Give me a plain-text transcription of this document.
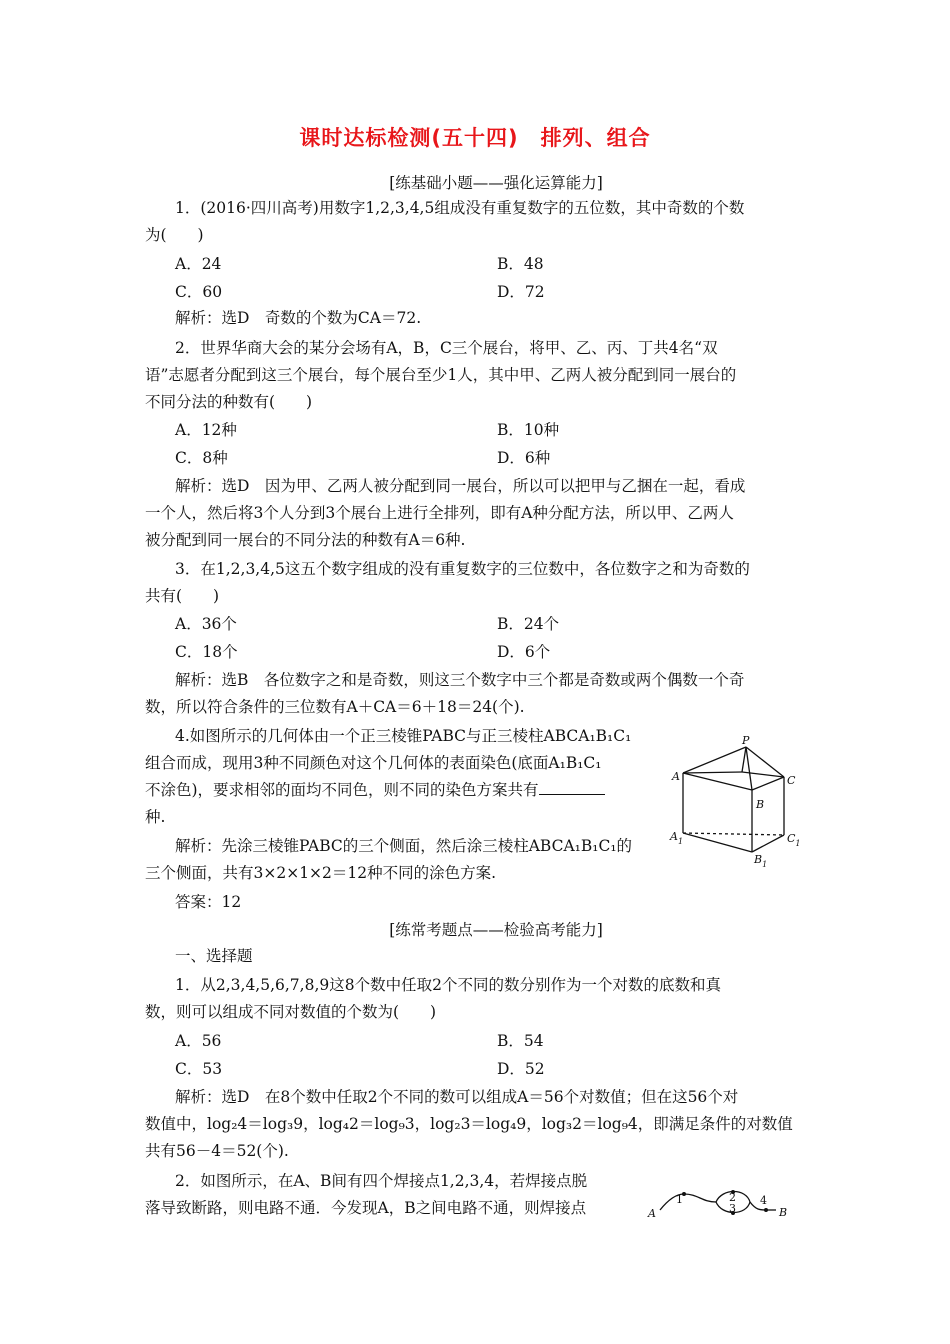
课时达标检测(五十四)　排列、组合
[练基础小题——强化运算能力]
1．(2016·四川高考)用数字1,2,3,4,5组成没有重复数字的五位数，其中奇数的个数
为(　　)
A．24	B．48
C．60	D．72
解析：选D　奇数的个数为CA＝72.
2．世界华商大会的某分会场有A，B，C三个展台，将甲、乙、丙、丁共4名“双
语”志愿者分配到这三个展台，每个展台至少1人，其中甲、乙两人被分配到同一展台的
不同分法的种数有(　　)
A．12种	B．10种
C．8种	D．6种
解析：选D　因为甲、乙两人被分配到同一展台，所以可以把甲与乙捆在一起，看成
一个人，然后将3个人分到3个展台上进行全排列，即有A种分配方法，所以甲、乙两人
被分配到同一展台的不同分法的种数有A＝6种.
3．在1,2,3,4,5这五个数字组成的没有重复数字的三位数中，各位数字之和为奇数的
共有(　　)
A．36个	B．24个
C．18个	D．6个
解析：选B　各位数字之和是奇数，则这三个数字中三个都是奇数或两个偶数一个奇
数，所以符合条件的三位数有A＋CA＝6＋18＝24(个).
4.如图所示的几何体由一个正三棱锥PABC与正三棱柱ABCA₁B₁C₁
组合而成，现用3种不同颜色对这个几何体的表面染色(底面A₁B₁C₁
不涂色)，要求相邻的面均不同色，则不同的染色方案共有
种.
解析：先涂三棱锥PABC的三个侧面，然后涂三棱柱ABCA₁B₁C₁的
三个侧面，共有3×2×1×2＝12种不同的涂色方案.
答案：12
P
A	C
B
$A_1$	$C_1$
$B_1$
[练常考题点——检验高考能力]
一、选择题
1．从2,3,4,5,6,7,8,9这8个数中任取2个不同的数分别作为一个对数的底数和真
数，则可以组成不同对数值的个数为(　　)
A．56	B．54
C．53	D．52
解析：选D　在8个数中任取2个不同的数可以组成A＝56个对数值；但在这56个对
数值中，log₂4＝log₃9，log₄2＝log₉3，log₂3＝log₄9，log₃2＝log₉4，即满足条件的对数值
共有56－4＝52(个).
2．如图所示，在A、B间有四个焊接点1,2,3,4，若焊接点脱
落导致断路，则电路不通．今发现A，B之间电路不通，则焊接点	A	B
1	2
3
4
